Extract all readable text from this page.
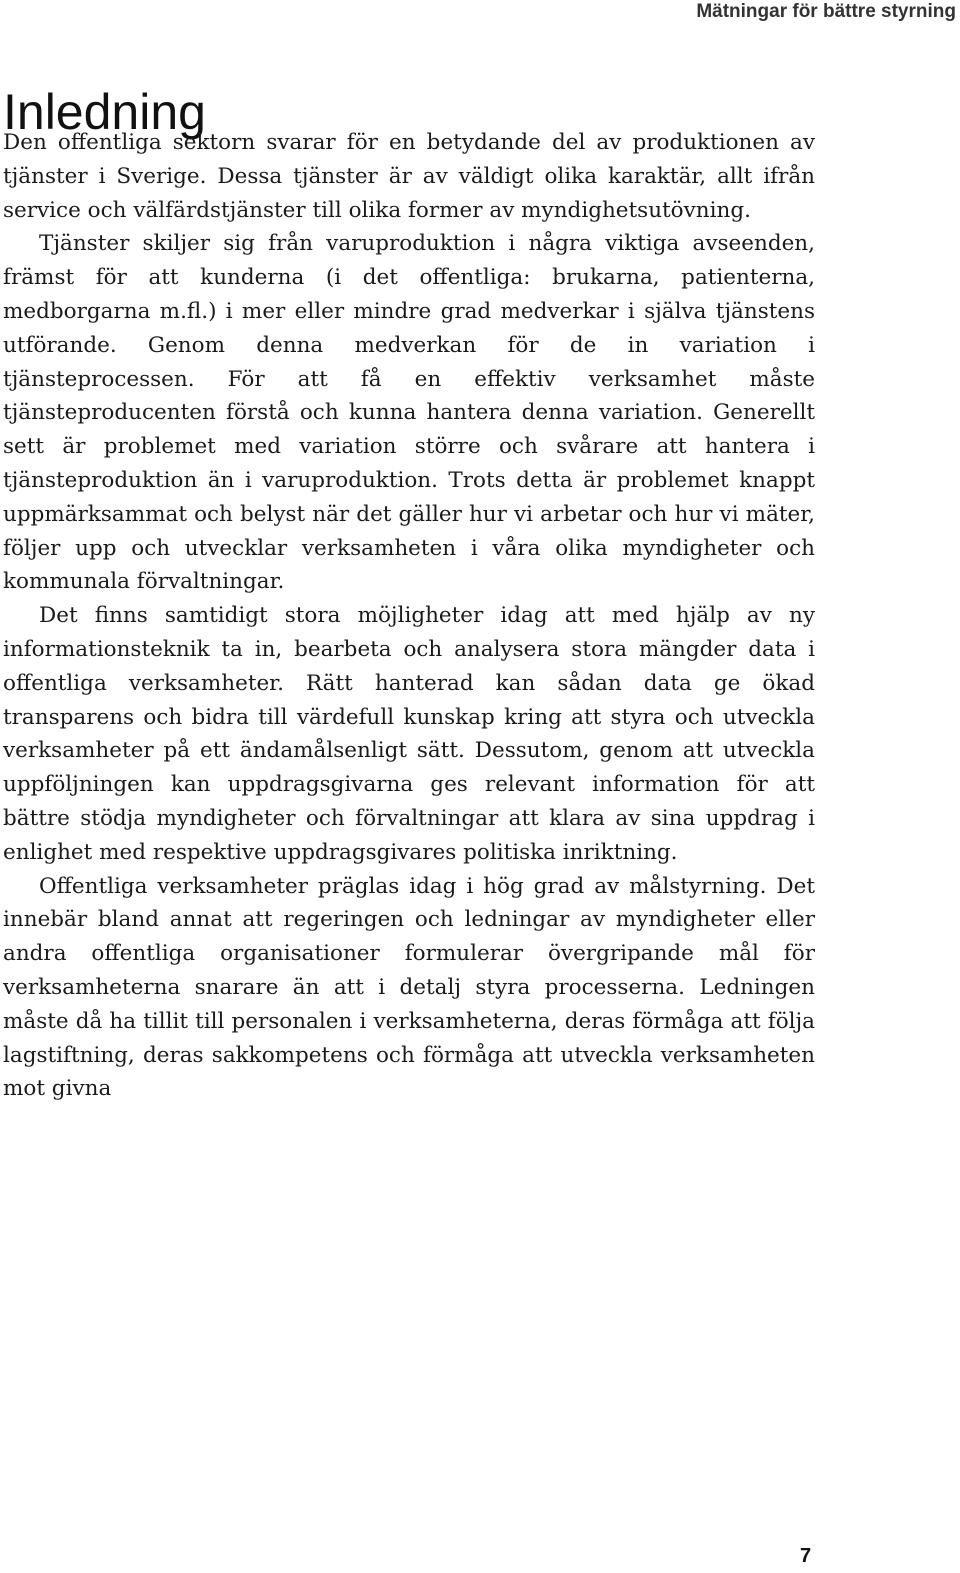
Mätningar för bättre styrning
Inledning

Den offentliga sektorn svarar för en betydande del av produktionen av tjänster i Sverige. Dessa tjänster är av väldigt olika karaktär, allt ifrån service och välfärdstjänster till olika former av myndighetsutövning.

Tjänster skiljer sig från varuproduktion i några viktiga avseenden, främst för att kunderna (i det offentliga: brukarna, patienterna, medborgarna m.fl.) i mer eller mindre grad medverkar i själva tjänstens utförande. Genom denna medverkan för de in variation i tjänsteprocessen. För att få en effektiv verksamhet måste tjänsteproducenten förstå och kunna hantera denna variation. Generellt sett är problemet med variation större och svårare att hantera i tjänsteproduktion än i varuproduktion. Trots detta är problemet knappt uppmärksammat och belyst när det gäller hur vi arbetar och hur vi mäter, följer upp och utvecklar verksamheten i våra olika myndigheter och kommunala förvaltningar.

Det finns samtidigt stora möjligheter idag att med hjälp av ny informationsteknik ta in, bearbeta och analysera stora mängder data i offentliga verksamheter. Rätt hanterad kan sådan data ge ökad transparens och bidra till värdefull kunskap kring att styra och utveckla verksamheter på ett ändamålsenligt sätt. Dessutom, genom att utveckla uppföljningen kan uppdragsgivarna ges relevant information för att bättre stödja myndigheter och förvaltningar att klara av sina uppdrag i enlighet med respektive uppdragsgivares politiska inriktning.

Offentliga verksamheter präglas idag i hög grad av målstyrning. Det innebär bland annat att regeringen och ledningar av myndigheter eller andra offentliga organisationer formulerar övergripande mål för verksamheterna snarare än att i detalj styra processerna. Ledningen måste då ha tillit till personalen i verksamheterna, deras förmåga att följa lagstiftning, deras sakkompetens och förmåga att utveckla verksamheten mot givna

7
